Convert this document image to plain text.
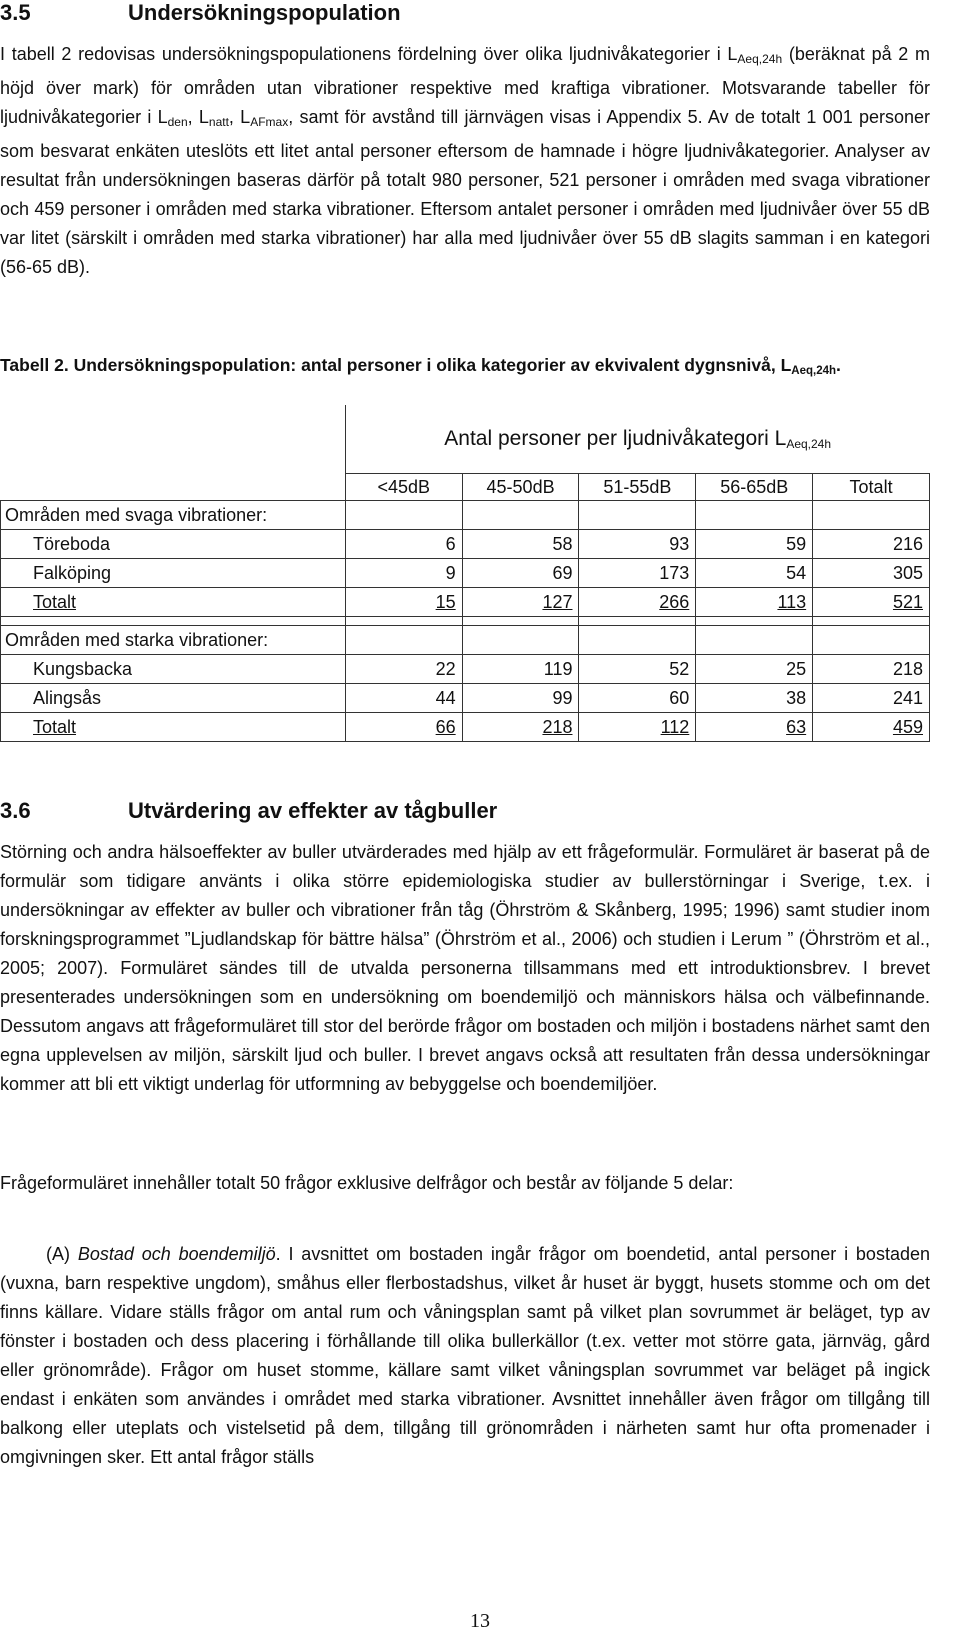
3.5	Undersökningspopulation
I tabell 2 redovisas undersökningspopulationens fördelning över olika ljudnivåkategorier i $L_{Aeq,24h}$ (beräknat på 2 m höjd över mark) för områden utan vibrationer respektive med kraftiga vibrationer. Motsvarande tabeller för ljudnivåkategorier i $L_{den}$, $L_{natt}$, $L_{AFmax}$, samt för avstånd till järnvägen visas i Appendix 5. Av de totalt 1 001 personer som besvarat enkäten uteslöts ett litet antal personer eftersom de hamnade i högre ljudnivåkategorier. Analyser av resultat från undersökningen baseras därför på totalt 980 personer, 521 personer i områden med svaga vibrationer och 459 personer i områden med starka vibrationer. Eftersom antalet personer i områden med ljudnivåer över 55 dB var litet (särskilt i områden med starka vibrationer) har alla med ljudnivåer över 55 dB slagits samman i en kategori (56-65 dB).
Tabell 2. Undersökningspopulation: antal personer i olika kategorier av ekvivalent dygnsnivå, $L_{Aeq,24h}$.
	Antal personer per ljudnivåkategori $L_{Aeq,24h}$
	<45dB	45-50dB	51-55dB	56-65dB	Totalt
Områden med svaga vibrationer:					
Töreboda	6	58	93	59	216
Falköping	9	69	173	54	305
Totalt	15	127	266	113	521

Områden med starka vibrationer:					
Kungsbacka	22	119	52	25	218
Alingsås	44	99	60	38	241
Totalt	66	218	112	63	459
3.6	Utvärdering av effekter av tågbuller
Störning och andra hälsoeffekter av buller utvärderades med hjälp av ett frågeformulär. Formuläret är baserat på de formulär som tidigare använts i olika större epidemiologiska studier av bullerstörningar i Sverige, t.ex. i undersökningar av effekter av buller och vibrationer från tåg (Öhrström & Skånberg, 1995; 1996) samt studier inom forskningsprogrammet ”Ljudlandskap för bättre hälsa” (Öhrström et al., 2006) och studien i Lerum ” (Öhrström et al., 2005; 2007). Formuläret sändes till de utvalda personerna tillsammans med ett introduktionsbrev. I brevet presenterades undersökningen som en undersökning om boendemiljö och människors hälsa och välbefinnande. Dessutom angavs att frågeformuläret till stor del berörde frågor om bostaden och miljön i bostadens närhet samt den egna upplevelsen av miljön, särskilt ljud och buller. I brevet angavs också att resultaten från dessa undersökningar kommer att bli ett viktigt underlag för utformning av bebyggelse och boendemiljöer.
Frågeformuläret innehåller totalt 50 frågor exklusive delfrågor och består av följande 5 delar:
(A) Bostad och boendemiljö. I avsnittet om bostaden ingår frågor om boendetid, antal personer i bostaden (vuxna, barn respektive ungdom), småhus eller flerbostadshus, vilket år huset är byggt, husets stomme och om det finns källare. Vidare ställs frågor om antal rum och våningsplan samt på vilket plan sovrummet är beläget, typ av fönster i bostaden och dess placering i förhållande till olika bullerkällor (t.ex. vetter mot större gata, järnväg, gård eller grönområde). Frågor om huset stomme, källare samt vilket våningsplan sovrummet var beläget på ingick endast i enkäten som användes i området med starka vibrationer. Avsnittet innehåller även frågor om tillgång till balkong eller uteplats och vistelsetid på dem, tillgång till grönområden i närheten samt hur ofta promenader i omgivningen sker. Ett antal frågor ställs
13
